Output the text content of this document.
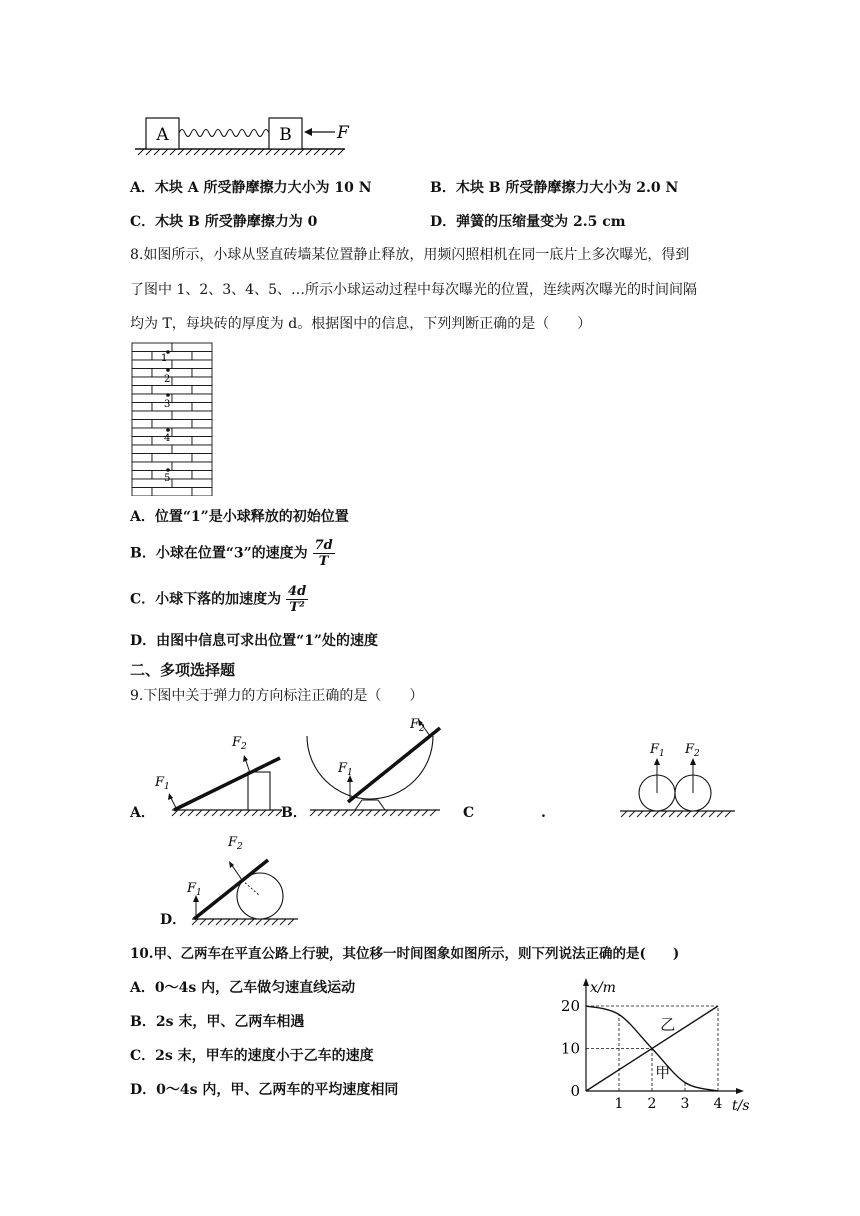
A	B	F
A．木块 A 所受静摩擦力大小为 10 N	B．木块 B 所受静摩擦力大小为 2.0 N
C．木块 B 所受静摩擦力为 0	D．弹簧的压缩量变为 2.5 cm
8.如图所示，小球从竖直砖墙某位置静止释放，用频闪照相机在同一底片上多次曝光，得到
了图中 1、2、3、4、5、…所示小球运动过程中每次曝光的位置，连续两次曝光的时间间隔
均为 T，每块砖的厚度为 d。根据图中的信息，下列判断正确的是（　　）
1
2
3
4
5
A．位置“1”是小球释放的初始位置
B．小球在位置“3”的速度为 $\frac{7d}{T}$
C．小球下落的加速度为 $\frac{4d}{\text{T²}}$
D．由图中信息可求出位置“1”处的速度
二、多项选择题
9.下图中关于弹力的方向标注正确的是（　　）
$F_1$
$F_2$
A．
$F_1$
$F_2$
B．	C	.
$F_1$ $F_2$
$F_1$
$F_2$
D．
10.甲、乙两车在平直公路上行驶，其位移一时间图象如图所示，则下列说法正确的是(　　)
A．0～4s 内，乙车做匀速直线运动
B．2s 末，甲、乙两车相遇
C．2s 末，甲车的速度小于乙车的速度
D．0～4s 内，甲、乙两车的平均速度相同
1 2 3 4
0
10
20
t/s
x/m
甲
乙
